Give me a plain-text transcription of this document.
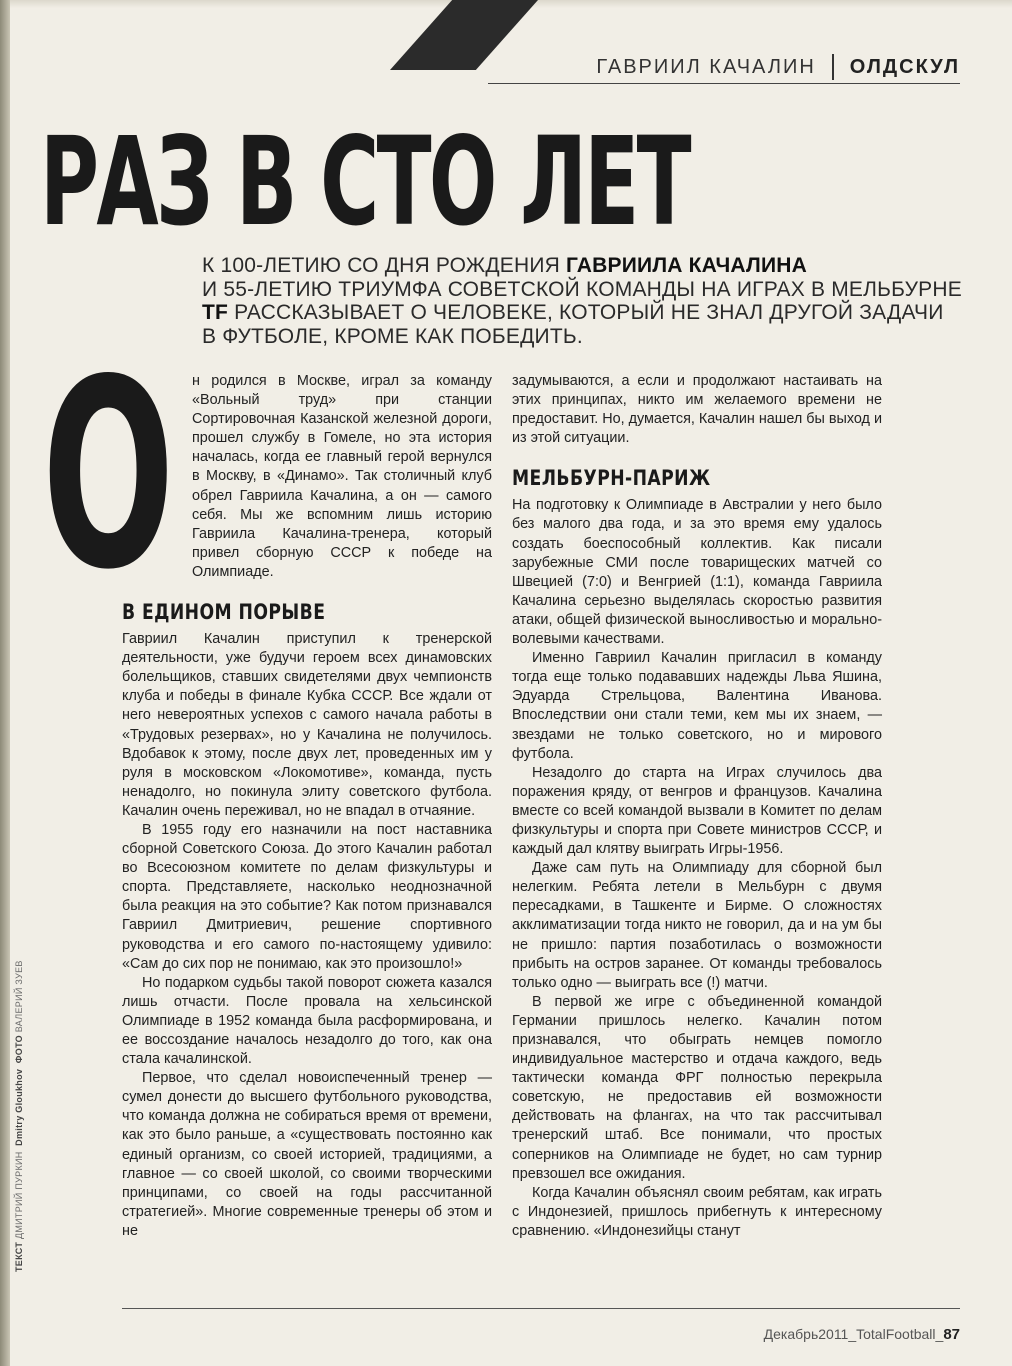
ТЕКСТ ДМИТРИЙ ПУРКИН  Dmitry Gloukhov  ФОТО ВАЛЕРИЙ ЗУЕВ
ГАВРИИЛ КАЧАЛИН ОЛДСКУЛ
РАЗ В СТО ЛЕТ
К 100-ЛЕТИЮ СО ДНЯ РОЖДЕНИЯ ГАВРИИЛА КАЧАЛИНА
И 55-ЛЕТИЮ ТРИУМФА СОВЕТСКОЙ КОМАНДЫ НА ИГРАХ В МЕЛЬБУРНЕ
TF РАССКАЗЫВАЕТ О ЧЕЛОВЕКЕ, КОТОРЫЙ НЕ ЗНАЛ ДРУГОЙ ЗАДАЧИ
В ФУТБОЛЕ, КРОМЕ КАК ПОБЕДИТЬ.
О н родился в Москве, играл за команду «Вольный труд» при станции Сортировочная Казанской железной дороги, прошел службу в Гомеле, но эта история началась, когда ее главный герой вернулся в Москву, в «Динамо». Так столичный клуб обрел Гавриила Качалина, а он — самого себя. Мы же вспомним лишь историю Гавриила Качалина-тренера, который привел сборную СССР к победе на Олимпиаде.

В ЕДИНОМ ПОРЫВЕ

Гавриил Качалин приступил к тренерской деятельности, уже будучи героем всех динамовских болельщиков, ставших свидетелями двух чемпионств клуба и победы в финале Кубка СССР. Все ждали от него невероятных успехов с самого начала работы в «Трудовых резервах», но у Качалина не получилось. Вдобавок к этому, после двух лет, проведенных им у руля в московском «Локомотиве», команда, пусть ненадолго, но покинула элиту советского футбола. Качалин очень переживал, но не впадал в отчаяние.

В 1955 году его назначили на пост наставника сборной Советского Союза. До этого Качалин работал во Всесоюзном комитете по делам физкультуры и спорта. Представляете, насколько неоднозначной была реакция на это событие? Как потом признавался Гавриил Дмитриевич, решение спортивного руководства и его самого по-настоящему удивило: «Сам до сих пор не понимаю, как это произошло!»

Но подарком судьбы такой поворот сюжета казался лишь отчасти. После провала на хельсинской Олимпиаде в 1952 команда была расформирована, и ее воссоздание началось незадолго до того, как она стала качалинской.

Первое, что сделал новоиспеченный тренер — сумел донести до высшего футбольного руководства, что команда должна не собираться время от времени, как это было раньше, а «существовать постоянно как единый организм, со своей историей, традициями, а главное — со своей школой, со своими творческими принципами, со своей на годы рассчитанной стратегией». Многие современные тренеры об этом и не

задумываются, а если и продолжают настаивать на этих принципах, никто им желаемого времени не предоставит. Но, думается, Качалин нашел бы выход и из этой ситуации.

МЕЛЬБУРН-ПАРИЖ

На подготовку к Олимпиаде в Австралии у него было без малого два года, и за это время ему удалось создать боеспособный коллектив. Как писали зарубежные СМИ после товарищеских матчей со Швецией (7:0) и Венгрией (1:1), команда Гавриила Качалина серьезно выделялась скоростью развития атаки, общей физической выносливостью и морально-волевыми качествами.

Именно Гавриил Качалин пригласил в команду тогда еще только подававших надежды Льва Яшина, Эдуарда Стрельцова, Валентина Иванова. Впоследствии они стали теми, кем мы их знаем, — звездами не только советского, но и мирового футбола.

Незадолго до старта на Играх случилось два поражения кряду, от венгров и французов. Качалина вместе со всей командой вызвали в Комитет по делам физкультуры и спорта при Совете министров СССР, и каждый дал клятву выиграть Игры-1956.

Даже сам путь на Олимпиаду для сборной был нелегким. Ребята летели в Мельбурн с двумя пересадками, в Ташкенте и Бирме. О сложностях акклиматизации тогда никто не говорил, да и на ум бы не пришло: партия позаботилась о возможности прибыть на остров заранее. От команды требовалось только одно — выиграть все (!) матчи.

В первой же игре с объединенной командой Германии пришлось нелегко. Качалин потом признавался, что обыграть немцев помогло индивидуальное мастерство и отдача каждого, ведь тактически команда ФРГ полностью перекрыла советскую, не предоставив ей возможности действовать на флангах, на что так рассчитывал тренерский штаб. Все понимали, что простых соперников на Олимпиаде не будет, но сам турнир превзошел все ожидания.

Когда Качалин объяснял своим ребятам, как играть с Индонезией, пришлось прибегнуть к интересному сравнению. «Индонезийцы станут

Декабрь2011_TotalFootball_87
